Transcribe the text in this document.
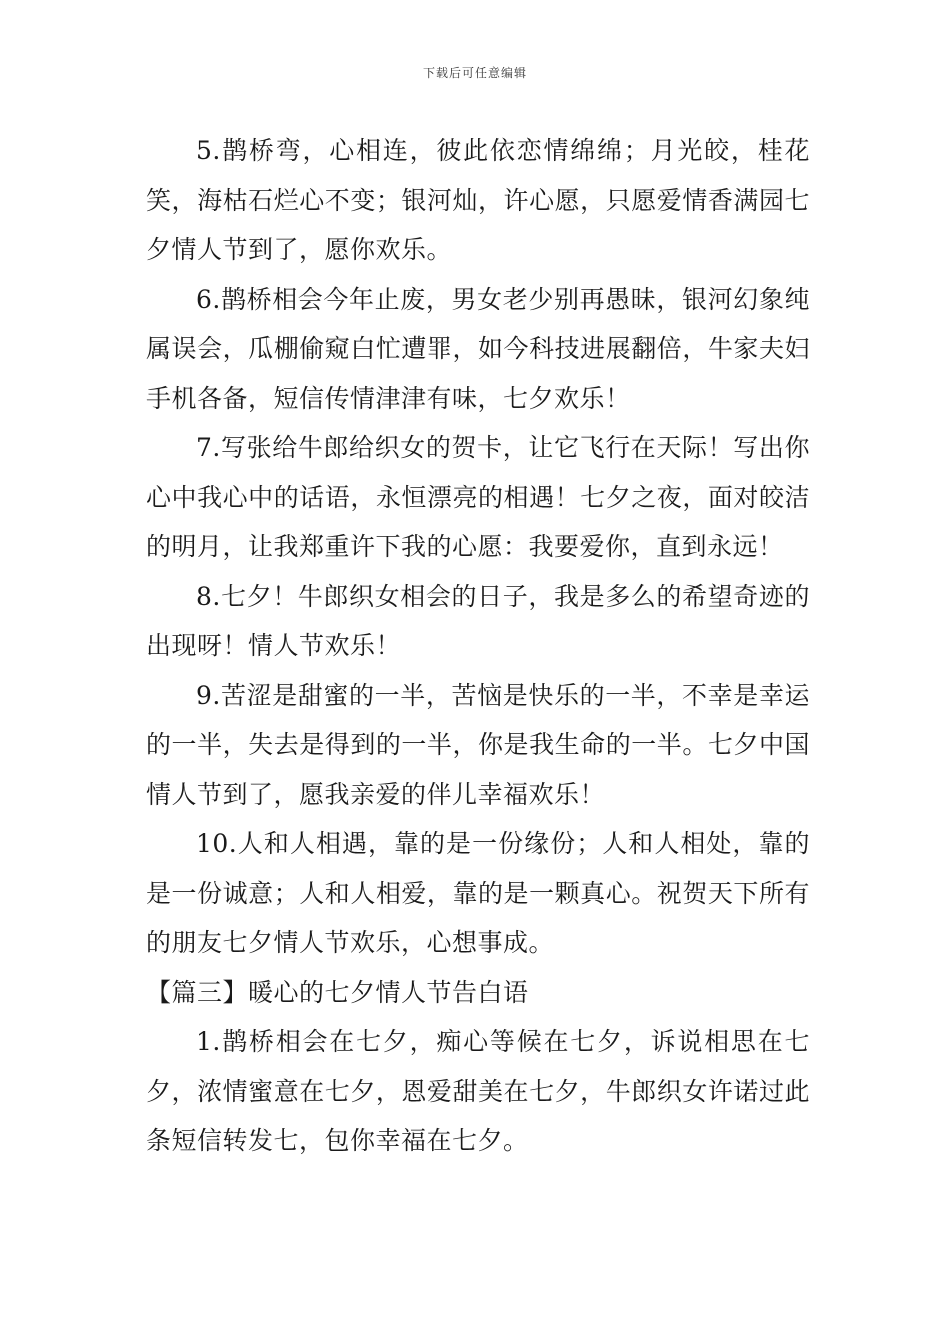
下载后可任意编辑

5.鹊桥弯，心相连，彼此依恋情绵绵；月光皎，桂花笑，海枯石烂心不变；银河灿，许心愿，只愿爱情香满园七夕情人节到了，愿你欢乐。

6.鹊桥相会今年止废，男女老少别再愚昧，银河幻象纯属误会，瓜棚偷窥白忙遭罪，如今科技进展翻倍，牛家夫妇手机各备，短信传情津津有味，七夕欢乐！

7.写张给牛郎给织女的贺卡，让它飞行在天际！写出你心中我心中的话语，永恒漂亮的相遇！七夕之夜，面对皎洁的明月，让我郑重许下我的心愿：我要爱你，直到永远！

8.七夕！牛郎织女相会的日子，我是多么的希望奇迹的出现呀！情人节欢乐！

9.苦涩是甜蜜的一半，苦恼是快乐的一半，不幸是幸运的一半，失去是得到的一半，你是我生命的一半。七夕中国情人节到了，愿我亲爱的伴儿幸福欢乐！

10.人和人相遇，靠的是一份缘份；人和人相处，靠的是一份诚意；人和人相爱，靠的是一颗真心。祝贺天下所有的朋友七夕情人节欢乐，心想事成。

【篇三】暖心的七夕情人节告白语

1.鹊桥相会在七夕，痴心等候在七夕，诉说相思在七夕，浓情蜜意在七夕，恩爱甜美在七夕，牛郎织女许诺过此条短信转发七，包你幸福在七夕。
